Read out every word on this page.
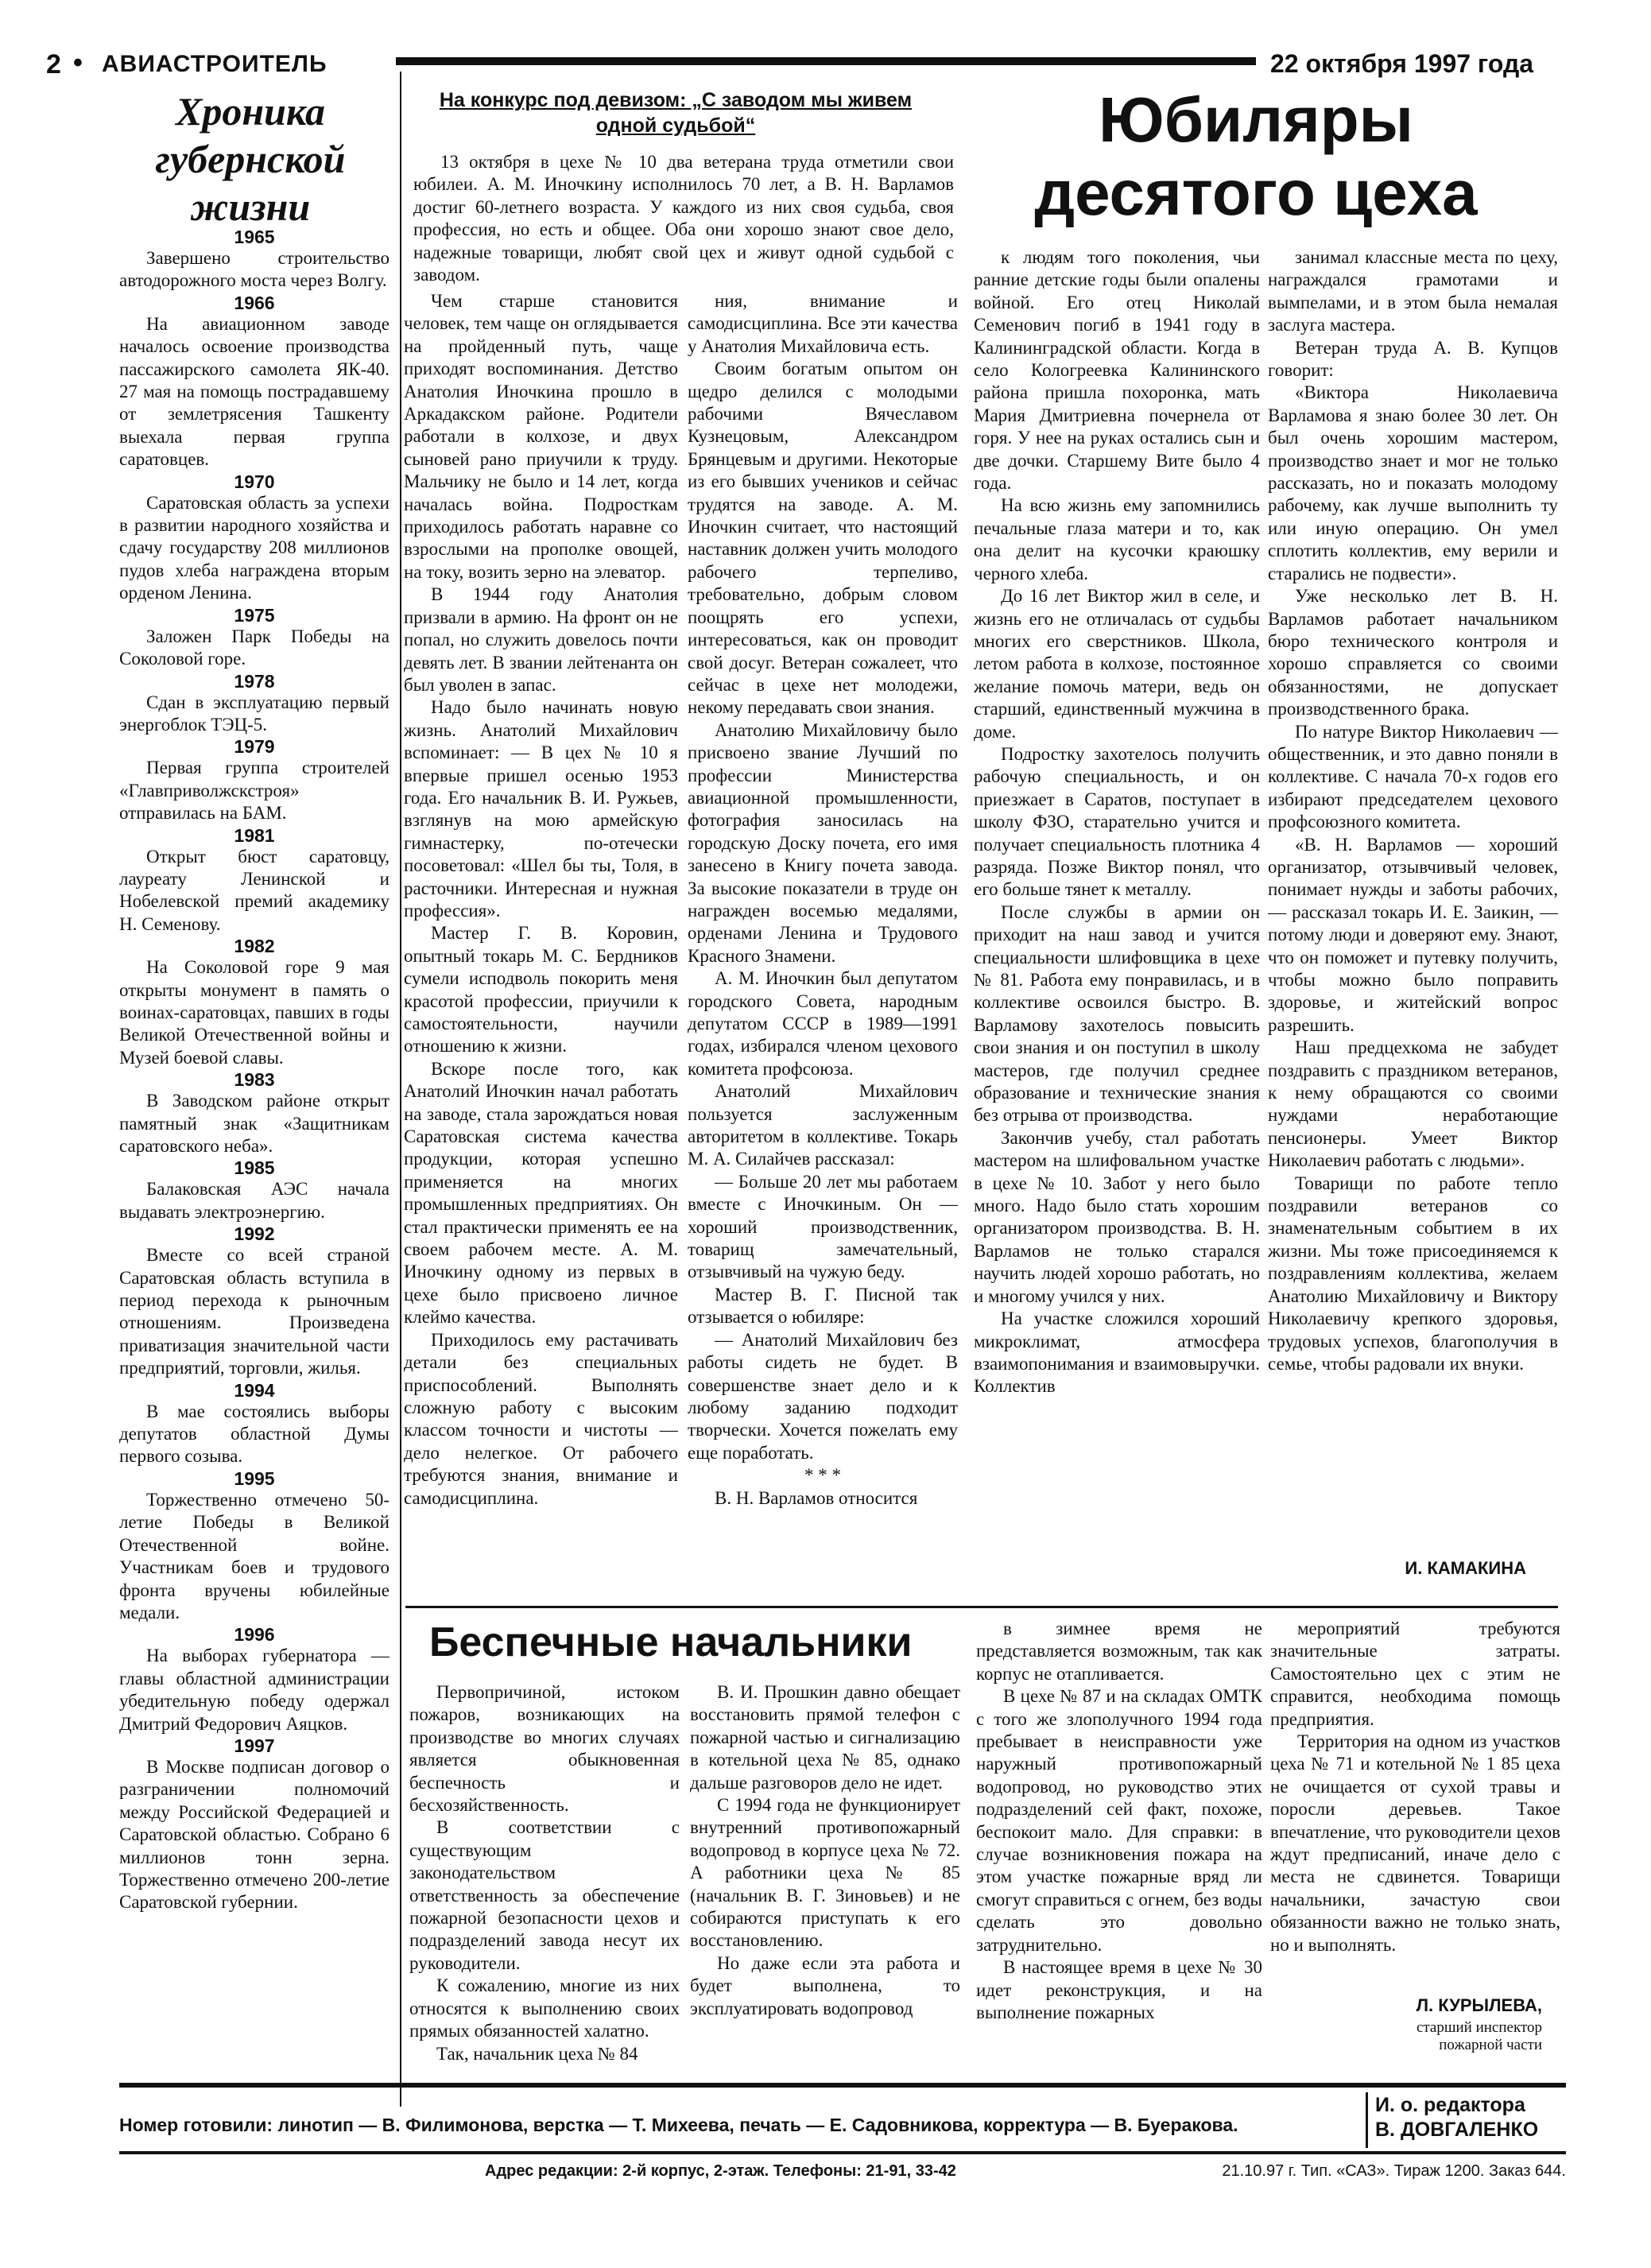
2 • АВИАСТРОИТЕЛЬ	22 октября 1997 года
Хроника губернской жизни
1965

Завершено строительство автодорожного моста через Волгу.

1966

На авиационном заводе началось освоение производства пассажирского самолета ЯК-40. 27 мая на помощь пострадавшему от землетрясения Ташкенту выехала первая группа саратовцев.

1970

Саратовская область за успехи в развитии народного хозяйства и сдачу государству 208 миллионов пудов хлеба награждена вторым орденом Ленина.

1975

Заложен Парк Победы на Соколовой горе.

1978

Сдан в эксплуатацию первый энергоблок ТЭЦ-5.

1979

Первая группа строителей «Главприволжскстроя» отправилась на БАМ.

1981

Открыт бюст саратовцу, лауреату Ленинской и Нобелевской премий академику Н. Семенову.

1982

На Соколовой горе 9 мая открыты монумент в память о воинах-саратовцах, павших в годы Великой Отечественной войны и Музей боевой славы.

1983

В Заводском районе открыт памятный знак «Защитникам саратовского неба».

1985

Балаковская АЭС начала выдавать электроэнергию.

1992

Вместе со всей страной Саратовская область вступила в период перехода к рыночным отношениям. Произведена приватизация значительной части предприятий, торговли, жилья.

1994

В мае состоялись выборы депутатов областной Думы первого созыва.

1995

Торжественно отмечено 50-летие Победы в Великой Отечественной войне. Участникам боев и трудового фронта вручены юбилейные медали.

1996

На выборах губернатора — главы областной администрации убедительную победу одержал Дмитрий Федорович Аяцков.

1997

В Москве подписан договор о разграничении полномочий между Российской Федерацией и Саратовской областью. Собрано 6 миллионов тонн зерна. Торжественно отмечено 200-летие Саратовской губернии.

На конкурс под девизом: „С заводом мы живем одной судьбой“	Юбиляры десятого цеха

13 октября в цехе № 10 два ветерана труда отметили свои юбилеи. А. М. Иночкину исполнилось 70 лет, а В. Н. Варламов достиг 60-летнего возраста. У каждого из них своя судьба, своя профессия, но есть и общее. Оба они хорошо знают свое дело, надежные товарищи, любят свой цех и живут одной судьбой с заводом.

Чем старше становится человек, тем чаще он оглядывается на пройденный путь, чаще приходят воспоминания. Детство Анатолия Иночкина прошло в Аркадакском районе. Родители работали в колхозе, и двух сыновей рано приучили к труду. Мальчику не было и 14 лет, когда началась война. Подросткам приходилось работать наравне со взрослыми на прополке овощей, на току, возить зерно на элеватор.

В 1944 году Анатолия призвали в армию. На фронт он не попал, но служить довелось почти девять лет. В звании лейтенанта он был уволен в запас.

Надо было начинать новую жизнь. Анатолий Михайлович вспоминает: — В цех № 10 я впервые пришел осенью 1953 года. Его начальник В. И. Ружьев, взглянув на мою армейскую гимнастерку, по-отечески посоветовал: «Шел бы ты, Толя, в расточники. Интересная и нужная профессия».

Мастер Г. В. Коровин, опытный токарь М. С. Бердников сумели исподволь покорить меня красотой профессии, приучили к самостоятельности, научили отношению к жизни.

Вскоре после того, как Анатолий Иночкин начал работать на заводе, стала зарождаться новая Саратовская система качества продукции, которая успешно применяется на многих промышленных предприятиях. Он стал практически применять ее на своем рабочем месте. А. М. Иночкину одному из первых в цехе было присвоено личное клеймо качества.

Приходилось ему растачивать детали без специальных приспособлений. Выполнять сложную работу с высоким классом точности и чистоты — дело нелегкое. От рабочего требуются знания, внимание и самодисциплина.

ния, внимание и самодисциплина. Все эти качества у Анатолия Михайловича есть.

Своим богатым опытом он щедро делился с молодыми рабочими Вячеславом Кузнецовым, Александром Брянцевым и другими. Некоторые из его бывших учеников и сейчас трудятся на заводе. А. М. Иночкин считает, что настоящий наставник должен учить молодого рабочего терпеливо, требовательно, добрым словом поощрять его успехи, интересоваться, как он проводит свой досуг. Ветеран сожалеет, что сейчас в цехе нет молодежи, некому передавать свои знания.

Анатолию Михайловичу было присвоено звание Лучший по профессии Министерства авиационной промышленности, фотография заносилась на городскую Доску почета, его имя занесено в Книгу почета завода. За высокие показатели в труде он награжден восемью медалями, орденами Ленина и Трудового Красного Знамени.

А. М. Иночкин был депутатом городского Совета, народным депутатом СССР в 1989—1991 годах, избирался членом цехового комитета профсоюза.

Анатолий Михайлович пользуется заслуженным авторитетом в коллективе. Токарь М. А. Силайчев рассказал:

— Больше 20 лет мы работаем вместе с Иночкиным. Он — хороший производственник, товарищ замечательный, отзывчивый на чужую беду.

Мастер В. Г. Писной так отзывается о юбиляре:

— Анатолий Михайлович без работы сидеть не будет. В совершенстве знает дело и к любому заданию подходит творчески. Хочется пожелать ему еще поработать.

* * *

В. Н. Варламов относится

к людям того поколения, чьи ранние детские годы были опалены войной. Его отец Николай Семенович погиб в 1941 году в Калининградской области. Когда в село Кологреевка Калининского района пришла похоронка, мать Мария Дмитриевна почернела от горя. У нее на руках остались сын и две дочки. Старшему Вите было 4 года.

На всю жизнь ему запомнились печальные глаза матери и то, как она делит на кусочки краюшку черного хлеба.

До 16 лет Виктор жил в селе, и жизнь его не отличалась от судьбы многих его сверстников. Школа, летом работа в колхозе, постоянное желание помочь матери, ведь он старший, единственный мужчина в доме.

Подростку захотелось получить рабочую специальность, и он приезжает в Саратов, поступает в школу ФЗО, старательно учится и получает специальность плотника 4 разряда. Позже Виктор понял, что его больше тянет к металлу.

После службы в армии он приходит на наш завод и учится специальности шлифовщика в цехе № 81. Работа ему понравилась, и в коллективе освоился быстро. В. Варламову захотелось повысить свои знания и он поступил в школу мастеров, где получил среднее образование и технические знания без отрыва от производства.

Закончив учебу, стал работать мастером на шлифовальном участке в цехе № 10. Забот у него было много. Надо было стать хорошим организатором производства. В. Н. Варламов не только старался научить людей хорошо работать, но и многому учился у них.

На участке сложился хороший микроклимат, атмосфера взаимопонимания и взаимовыручки. Коллектив

занимал классные места по цеху, награждался грамотами и вымпелами, и в этом была немалая заслуга мастера.

Ветеран труда А. В. Купцов говорит:

«Виктора Николаевича Варламова я знаю более 30 лет. Он был очень хорошим мастером, производство знает и мог не только рассказать, но и показать молодому рабочему, как лучше выполнить ту или иную операцию. Он умел сплотить коллектив, ему верили и старались не подвести».

Уже несколько лет В. Н. Варламов работает начальником бюро технического контроля и хорошо справляется со своими обязанностями, не допускает производственного брака.

По натуре Виктор Николаевич — общественник, и это давно поняли в коллективе. С начала 70-х годов его избирают председателем цехового профсоюзного комитета.

«В. Н. Варламов — хороший организатор, отзывчивый человек, понимает нужды и заботы рабочих, — рассказал токарь И. Е. Заикин, — потому люди и доверяют ему. Знают, что он поможет и путевку получить, чтобы можно было поправить здоровье, и житейский вопрос разрешить.

Наш предцехкома не забудет поздравить с праздником ветеранов, к нему обращаются со своими нуждами неработающие пенсионеры. Умеет Виктор Николаевич работать с людьми».

Товарищи по работе тепло поздравили ветеранов со знаменательным событием в их жизни. Мы тоже присоединяемся к поздравлениям коллектива, желаем Анатолию Михайловичу и Виктору Николаевичу крепкого здоровья, трудовых успехов, благополучия в семье, чтобы радовали их внуки.

И. КАМАКИНА
Беспечные начальники

Первопричиной, истоком пожаров, возникающих на производстве во многих случаях является обыкновенная беспечность и бесхозяйственность.

В соответствии с существующим законодательством ответственность за обеспечение пожарной безопасности цехов и подразделений завода несут их руководители.

К сожалению, многие из них относятся к выполнению своих прямых обязанностей халатно.

Так, начальник цеха № 84

В. И. Прошкин давно обещает восстановить прямой телефон с пожарной частью и сигнализацию в котельной цеха № 85, однако дальше разговоров дело не идет.

С 1994 года не функционирует внутренний противопожарный водопровод в корпусе цеха № 72. А работники цеха № 85 (начальник В. Г. Зиновьев) и не собираются приступать к его восстановлению.

Но даже если эта работа и будет выполнена, то эксплуатировать водопровод

в зимнее время не представляется возможным, так как корпус не отапливается.

В цехе № 87 и на складах ОМТК с того же злополучного 1994 года пребывает в неисправности уже наружный противопожарный водопровод, но руководство этих подразделений сей факт, похоже, беспокоит мало. Для справки: в случае возникновения пожара на этом участке пожарные вряд ли смогут справиться с огнем, без воды сделать это довольно затруднительно.

В настоящее время в цехе № 30 идет реконструкция, и на выполнение пожарных

мероприятий требуются значительные затраты. Самостоятельно цех с этим не справится, необходима помощь предприятия.

Территория на одном из участков цеха № 71 и котельной № 1 85 цеха не очищается от сухой травы и поросли деревьев. Такое впечатление, что руководители цехов ждут предписаний, иначе дело с места не сдвинется. Товарищи начальники, зачастую свои обязанности важно не только знать, но и выполнять.

Л. КУРЫЛЕВА,
старший инспектор пожарной части
Номер готовили: линотип — В. Филимонова, верстка — Т. Михеева, печать — Е. Садовникова, корректура — В. Буеракова.
И. о. редактора
В. ДОВГАЛЕНКО
Адрес редакции: 2-й корпус, 2-этаж. Телефоны: 21-91, 33-42	21.10.97 г. Тип. «САЗ». Тираж 1200. Заказ 644.
